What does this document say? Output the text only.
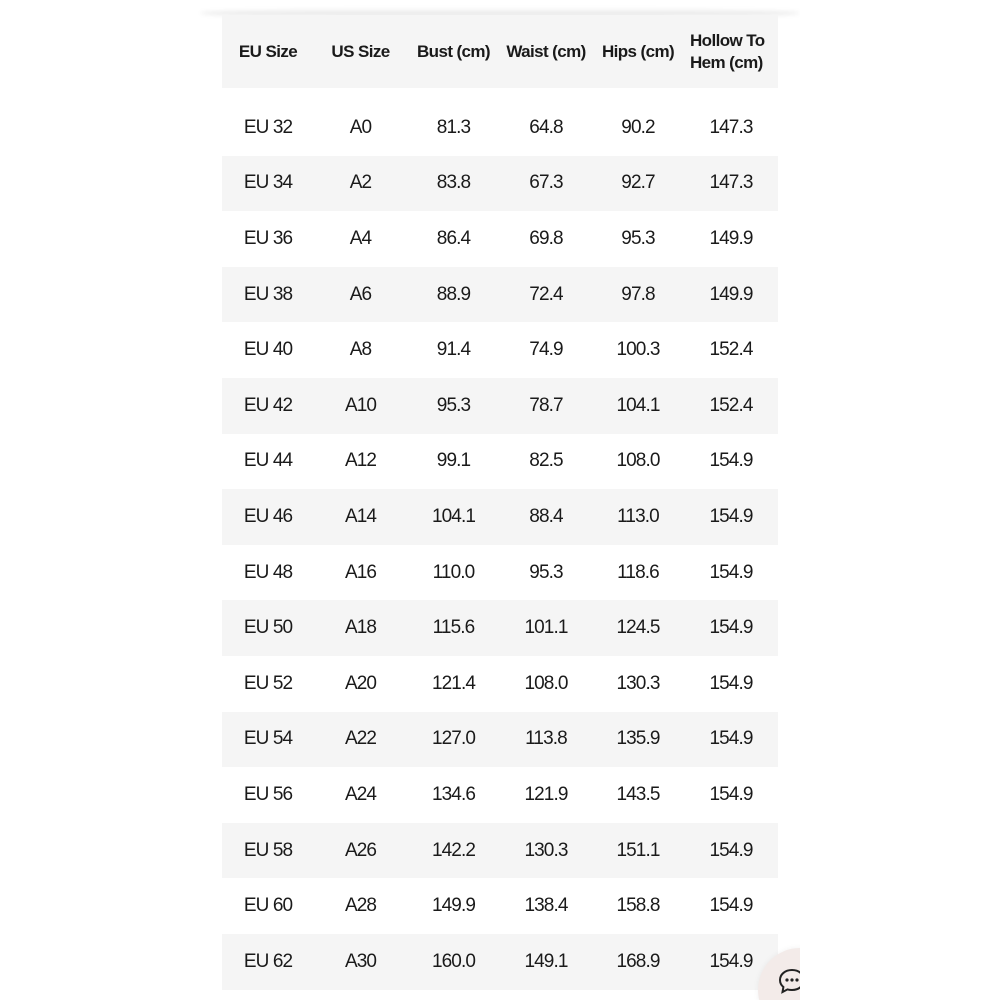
EU Size	US Size	Bust (cm)	Waist (cm)	Hips (cm)	Hollow To Hem (cm)

EU 32	A0	81.3	64.8	90.2	147.3
EU 34	A2	83.8	67.3	92.7	147.3
EU 36	A4	86.4	69.8	95.3	149.9
EU 38	A6	88.9	72.4	97.8	149.9
EU 40	A8	91.4	74.9	100.3	152.4
EU 42	A10	95.3	78.7	104.1	152.4
EU 44	A12	99.1	82.5	108.0	154.9
EU 46	A14	104.1	88.4	113.0	154.9
EU 48	A16	110.0	95.3	118.6	154.9
EU 50	A18	115.6	101.1	124.5	154.9
EU 52	A20	121.4	108.0	130.3	154.9
EU 54	A22	127.0	113.8	135.9	154.9
EU 56	A24	134.6	121.9	143.5	154.9
EU 58	A26	142.2	130.3	151.1	154.9
EU 60	A28	149.9	138.4	158.8	154.9
EU 62	A30	160.0	149.1	168.9	154.9
